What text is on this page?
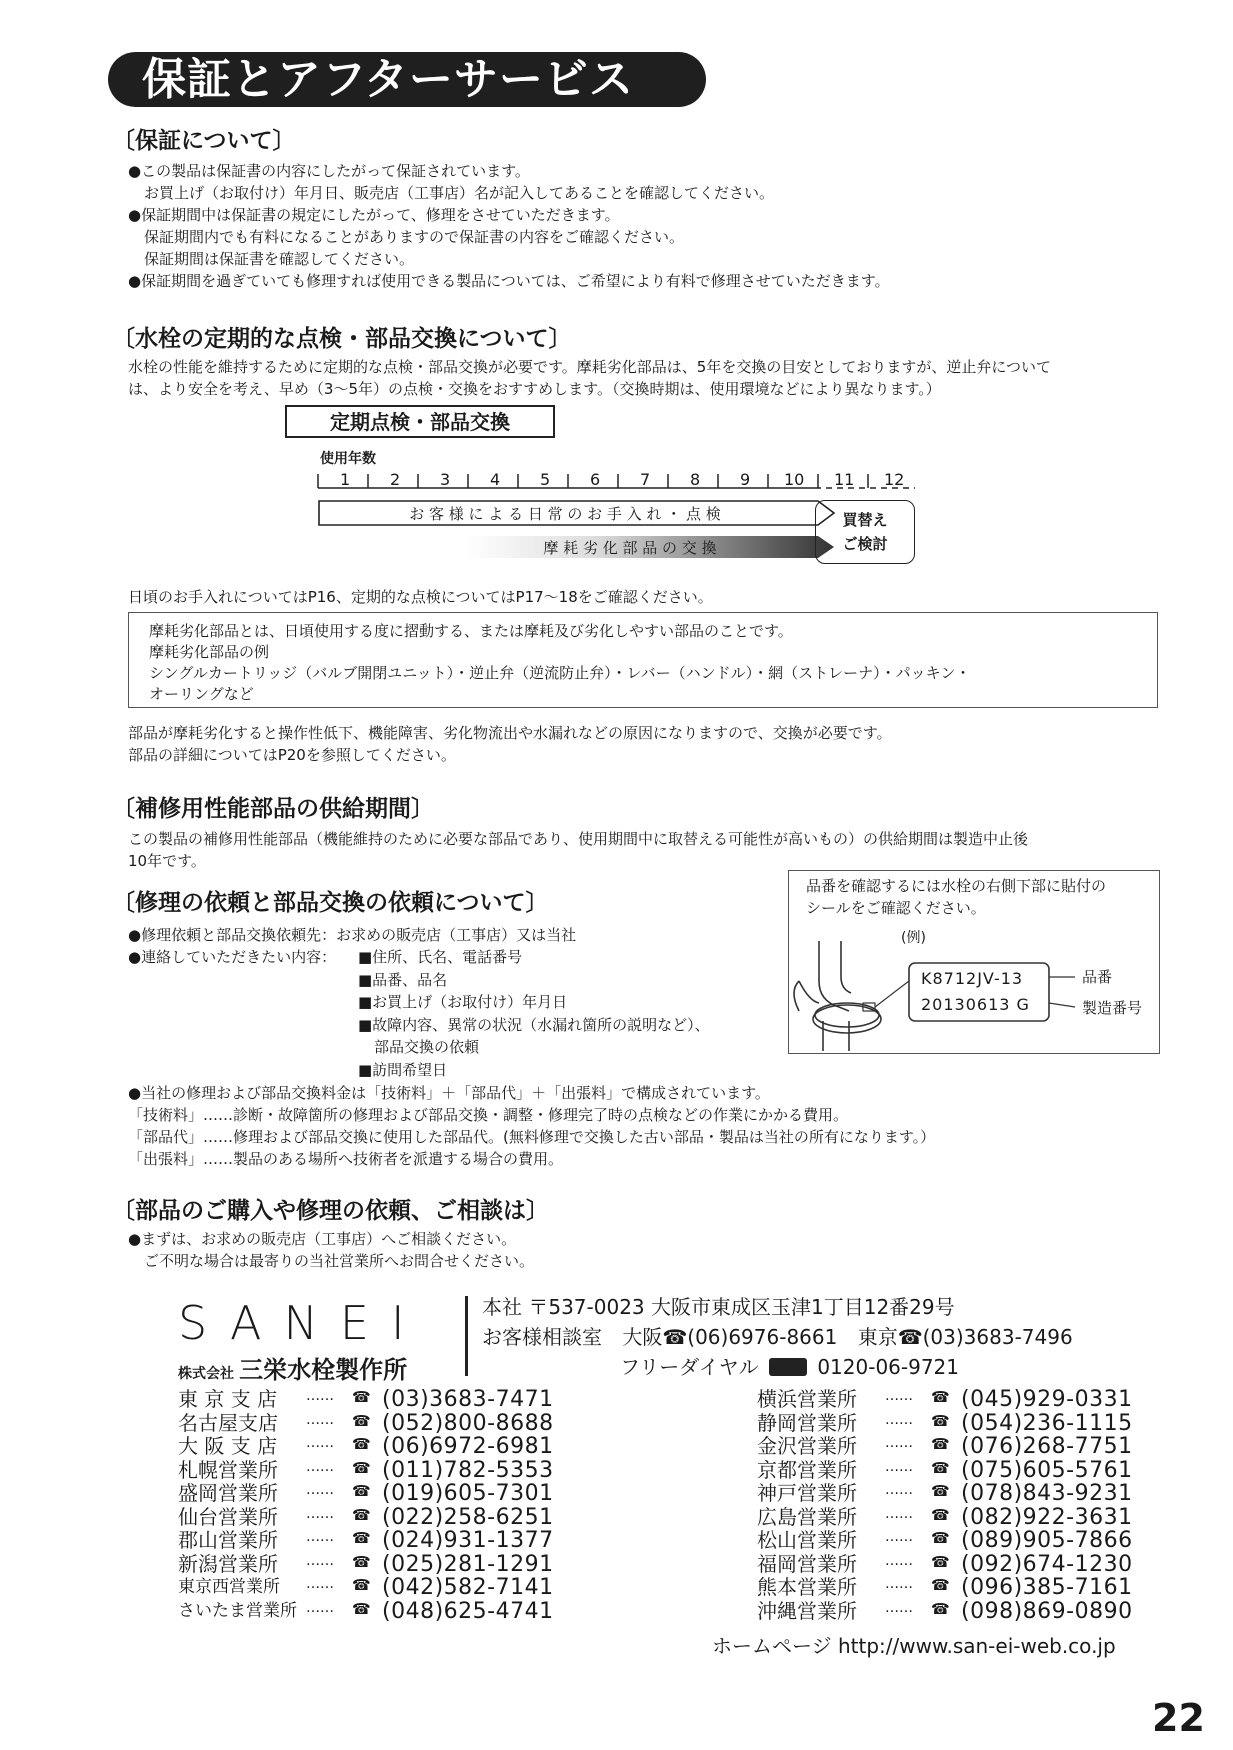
保証とアフターサービス
〔保証について〕
●この製品は保証書の内容にしたがって保証されています。
お買上げ（お取付け）年月日、販売店（工事店）名が記入してあることを確認してください。
●保証期間中は保証書の規定にしたがって、修理をさせていただきます。
保証期間内でも有料になることがありますので保証書の内容をご確認ください。
保証期間は保証書を確認してください。
●保証期間を過ぎていても修理すれば使用できる製品については、ご希望により有料で修理させていただきます。
〔水栓の定期的な点検・部品交換について〕
水栓の性能を維持するために定期的な点検・部品交換が必要です。摩耗劣化部品は、5年を交換の目安としておりますが、逆止弁について
は、より安全を考え、早め（3〜5年）の点検・交換をおすすめします。（交換時期は、使用環境などにより異なります。）
定期点検・部品交換
使用年数
1 2 3 4 5 6 7 8 9 10 11 12
お 客 様 に よ る 日 常 の お 手 入 れ ・ 点 検
摩 耗 劣 化 部 品 の 交 換
買替え
ご検討
日頃のお手入れについてはP16、定期的な点検についてはP17〜18をご確認ください。
摩耗劣化部品とは、日頃使用する度に摺動する、または摩耗及び劣化しやすい部品のことです。
摩耗劣化部品の例
シングルカートリッジ（バルブ開閉ユニット）・逆止弁（逆流防止弁）・レバー（ハンドル）・網（ストレーナ）・パッキン・
オーリングなど
部品が摩耗劣化すると操作性低下、機能障害、劣化物流出や水漏れなどの原因になりますので、交換が必要です。
部品の詳細についてはP20を参照してください。
〔補修用性能部品の供給期間〕
この製品の補修用性能部品（機能維持のために必要な部品であり、使用期間中に取替える可能性が高いもの）の供給期間は製造中止後
10年です。
〔修理の依頼と部品交換の依頼について〕
●修理依頼と部品交換依頼先：お求めの販売店（工事店）又は当社
●連絡していただきたい内容： ■住所、氏名、電話番号
■品番、品名
■お買上げ（お取付け）年月日
■故障内容、異常の状況（水漏れ箇所の説明など）、
部品交換の依頼
■訪問希望日
●当社の修理および部品交換料金は「技術料」＋「部品代」＋「出張料」で構成されています。
「技術料」……診断・故障箇所の修理および部品交換・調整・修理完了時の点検などの作業にかかる費用。
「部品代」……修理および部品交換に使用した部品代。(無料修理で交換した古い部品・製品は当社の所有になります。）
「出張料」……製品のある場所へ技術者を派遣する場合の費用。
品番を確認するには水栓の右側下部に貼付の
シールをご確認ください。
(例)
K8712JV-13
20130613 G
品番
製造番号
〔部品のご購入や修理の依頼、ご相談は〕
●まずは、お求めの販売店（工事店）へご相談ください。
ご不明な場合は最寄りの当社営業所へお問合せください。
SANEI
株式会社 三栄水栓製作所
本社 〒537-0023 大阪市東成区玉津1丁目12番29号
お客様相談室 大阪☎(06)6976-8661 東京☎(03)3683-7496
フリーダイヤル	0120-06-9721
東 京 支 店	……	☎ (03)3683-7471
名古屋支店	……	☎ (052)800-8688
大 阪 支 店	……	☎ (06)6972-6981
札幌営業所	……	☎ (011)782-5353
盛岡営業所	……	☎ (019)605-7301
仙台営業所	……	☎ (022)258-6251
郡山営業所	……	☎ (024)931-1377
新潟営業所	……	☎ (025)281-1291
東京西営業所	……	☎ (042)582-7141
さいたま営業所 ……	☎ (048)625-4741
横浜営業所	……	☎ (045)929-0331
静岡営業所	……	☎ (054)236-1115
金沢営業所	……	☎ (076)268-7751
京都営業所	……	☎ (075)605-5761
神戸営業所	……	☎ (078)843-9231
広島営業所	……	☎ (082)922-3631
松山営業所	……	☎ (089)905-7866
福岡営業所	……	☎ (092)674-1230
熊本営業所	……	☎ (096)385-7161
沖縄営業所	……	☎ (098)869-0890
ホームページ http://www.san-ei-web.co.jp
22
